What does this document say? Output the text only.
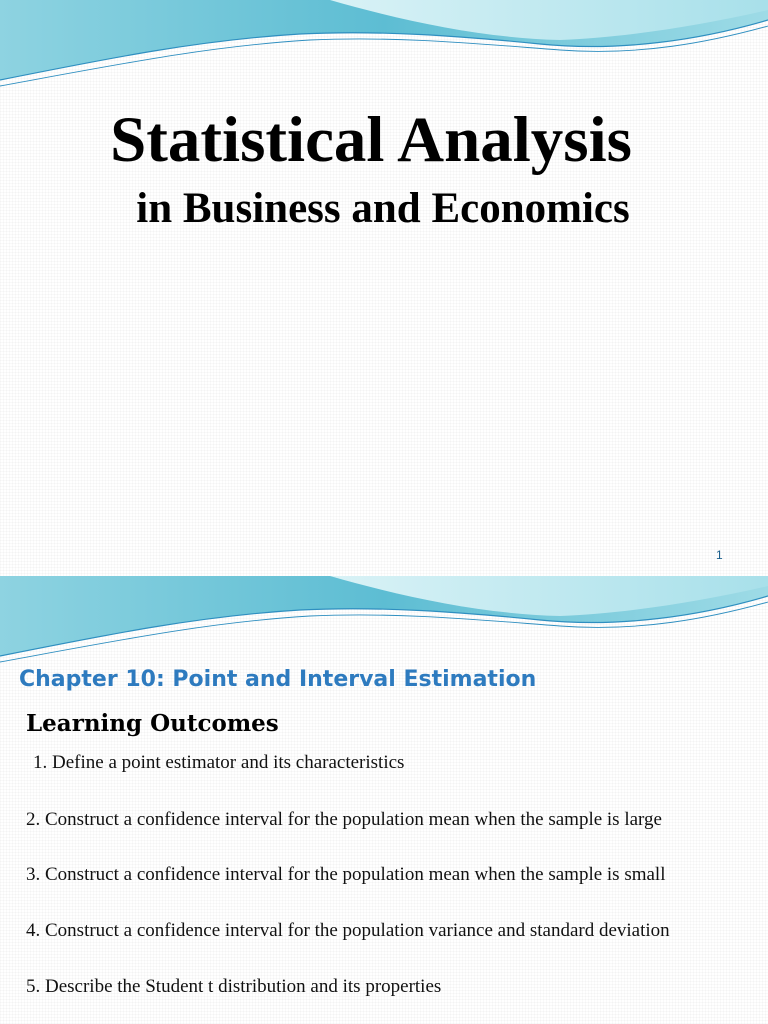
Statistical Analysis
in Business and Economics
1
Chapter 10: Point and Interval Estimation
Learning Outcomes
1. Define a point estimator and its characteristics
2. Construct a confidence interval for the population mean when the sample is large
3. Construct a confidence interval for the population mean when the sample is small
4. Construct a confidence interval for the population variance and standard deviation
5. Describe the Student t distribution and its properties
